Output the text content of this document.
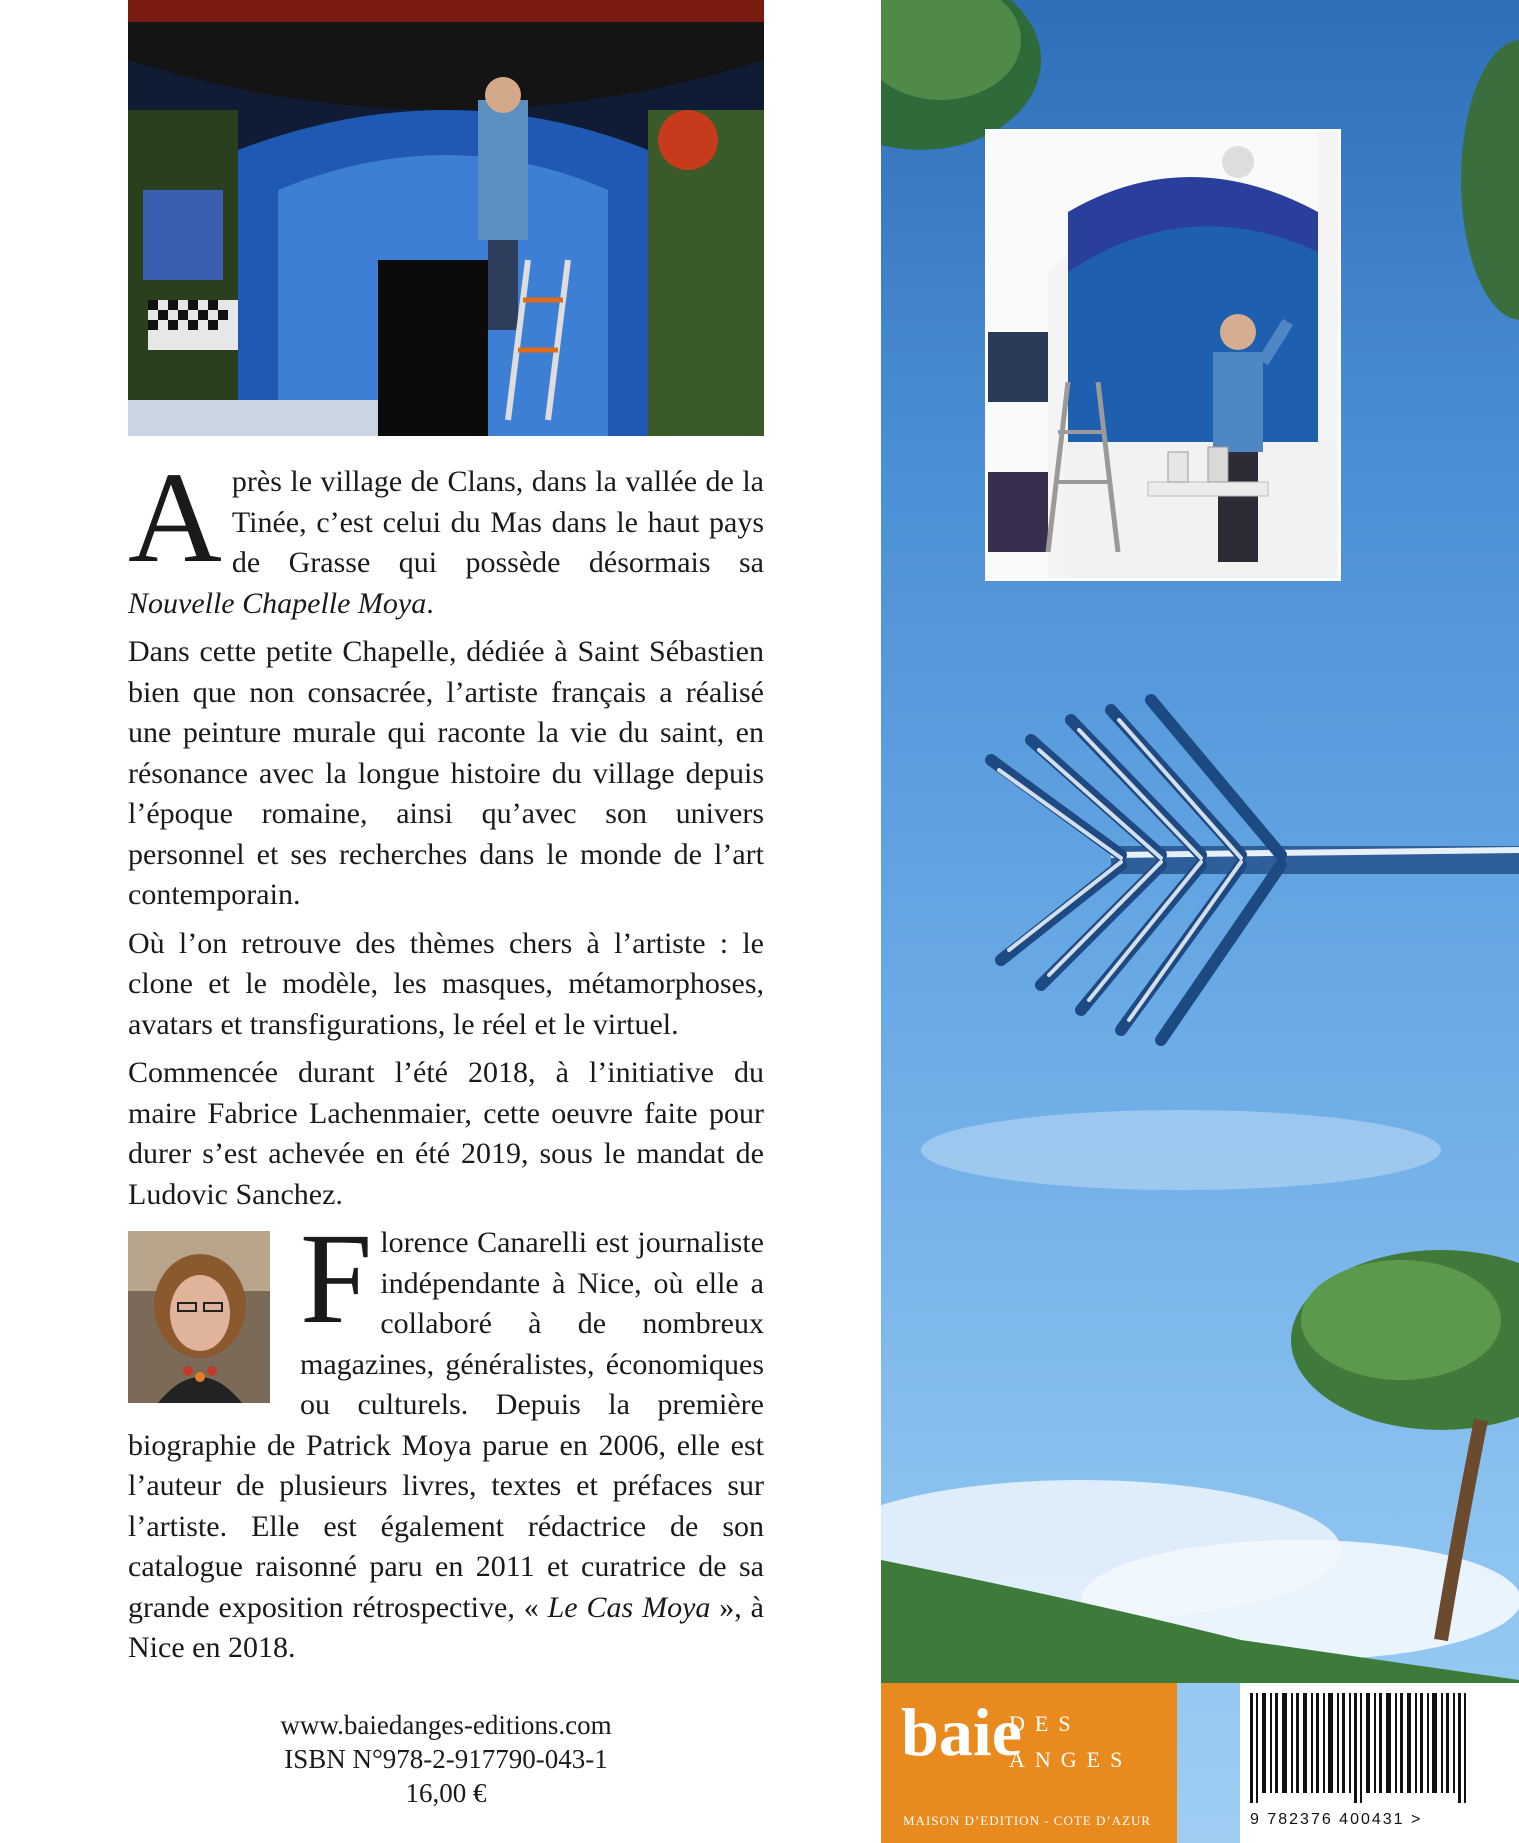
Après le village de Clans, dans la vallée de la Tinée, c’est celui du Mas dans le haut pays de Grasse qui possède désormais sa Nouvelle Chapelle Moya.

Dans cette petite Chapelle, dédiée à Saint Sébastien bien que non consacrée, l’artiste français a réalisé une peinture murale qui raconte la vie du saint, en résonance avec la longue histoire du village depuis l’époque romaine, ainsi qu’avec son univers personnel et ses recherches dans le monde de l’art contemporain.

Où l’on retrouve des thèmes chers à l’artiste : le clone et le modèle, les masques, métamorphoses, avatars et transfigurations, le réel et le virtuel.

Commencée durant l’été 2018, à l’initiative du maire Fabrice Lachenmaier, cette oeuvre faite pour durer s’est achevée en été 2019, sous le mandat de Ludovic Sanchez.

Florence Canarelli est journaliste indépendante à Nice, où elle a collaboré à de nombreux magazines, généralistes, économiques ou culturels. Depuis la première biographie de Patrick Moya parue en 2006, elle est l’auteur de plusieurs livres, textes et préfaces sur l’artiste. Elle est également rédactrice de son catalogue raisonné paru en 2011 et curatrice de sa grande exposition rétrospective, « Le Cas Moya », à Nice en 2018.

www.baiedanges-editions.com
ISBN N°978-2-917790-043-1
16,00 €
baie
DES
ANGES
MAISON D’EDITION - COTE D’AZUR	9 782376 400431 >
